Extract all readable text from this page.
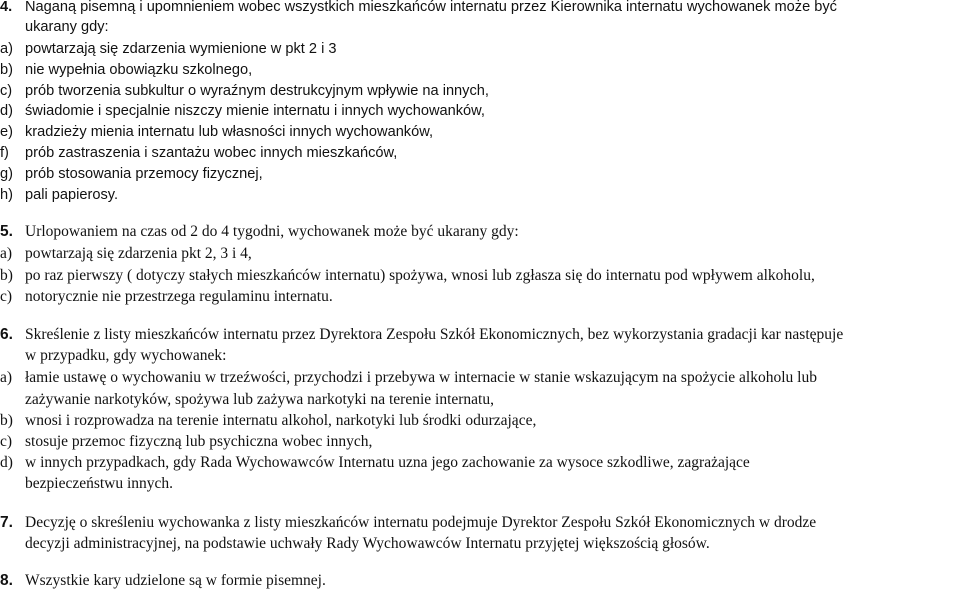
4. Naganą pisemną i upomnieniem wobec wszystkich mieszkańców internatu przez Kierownika internatu wychowanek może być
ukarany gdy:
a) powtarzają się zdarzenia wymienione w pkt 2 i 3
b) nie wypełnia obowiązku szkolnego,
c) prób tworzenia subkultur o wyraźnym destrukcyjnym wpływie na innych,
d) świadomie i specjalnie niszczy mienie internatu i innych wychowanków,
e) kradzieży mienia internatu lub własności innych wychowanków,
f) prób zastraszenia i szantażu wobec innych mieszkańców,
g) prób stosowania przemocy fizycznej,
h) pali papierosy.
5. Urlopowaniem na czas od 2 do 4 tygodni, wychowanek może być ukarany gdy:
a) powtarzają się zdarzenia pkt 2, 3 i 4,
b) po raz pierwszy ( dotyczy stałych mieszkańców internatu) spożywa, wnosi lub zgłasza się do internatu pod wpływem alkoholu,
c) notorycznie nie przestrzega regulaminu internatu.
6. Skreślenie z listy mieszkańców internatu przez Dyrektora Zespołu Szkół Ekonomicznych, bez wykorzystania gradacji kar następuje
w przypadku, gdy wychowanek:
a) łamie ustawę o wychowaniu w trzeźwości, przychodzi i przebywa w internacie w stanie wskazującym na spożycie alkoholu lub
zażywanie narkotyków, spożywa lub zażywa narkotyki na terenie internatu,
b) wnosi i rozprowadza na terenie internatu alkohol, narkotyki lub środki odurzające,
c) stosuje przemoc fizyczną lub psychiczna wobec innych,
d) w innych przypadkach, gdy Rada Wychowawców Internatu uzna jego zachowanie za wysoce szkodliwe, zagrażające
bezpieczeństwu innych.
7. Decyzję o skreśleniu wychowanka z listy mieszkańców internatu podejmuje Dyrektor Zespołu Szkół Ekonomicznych w drodze
decyzji administracyjnej, na podstawie uchwały Rady Wychowawców Internatu przyjętej większością głosów.
8. Wszystkie kary udzielone są w formie pisemnej.
